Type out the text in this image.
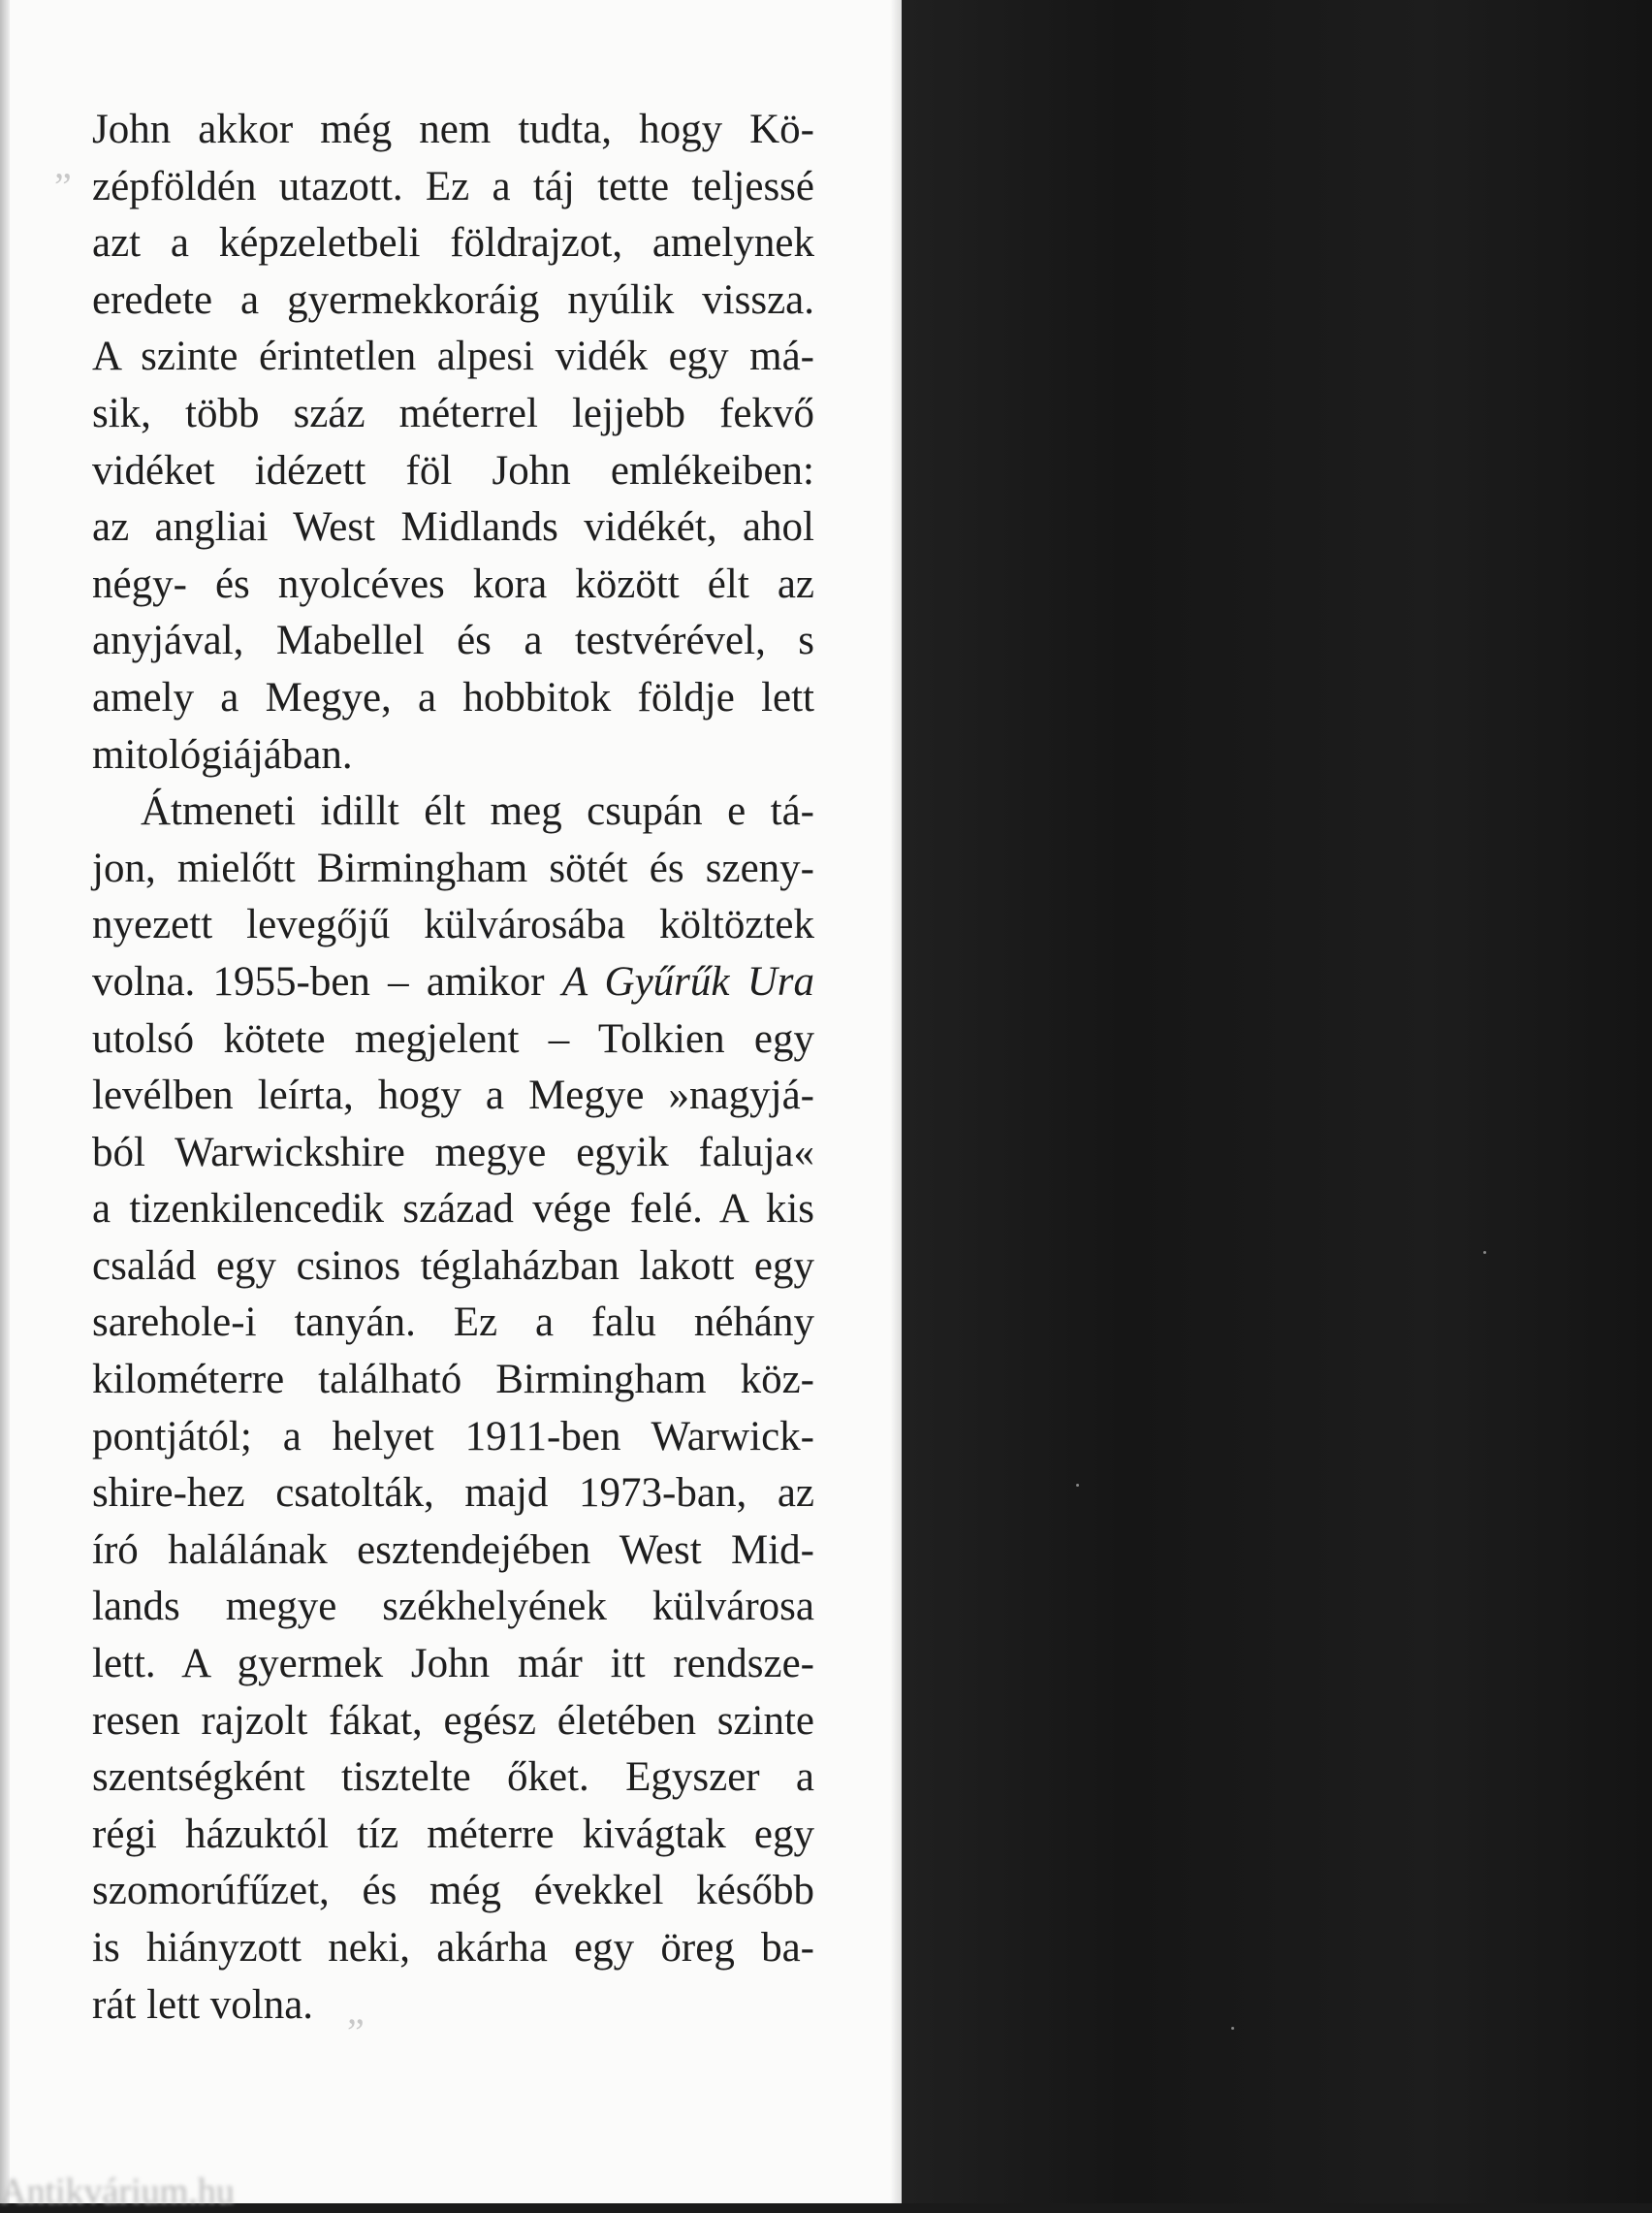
„
John akkor még nem tudta, hogy Kö-
zépföldén utazott. Ez a táj tette teljessé
azt a képzeletbeli földrajzot, amelynek
eredete a gyermekkoráig nyúlik vissza.
A szinte érintetlen alpesi vidék egy má-
sik, több száz méterrel lejjebb fekvő
vidéket idézett föl John emlékeiben:
az angliai West Midlands vidékét, ahol
négy- és nyolcéves kora között élt az
anyjával, Mabellel és a testvérével, s
amely a Megye, a hobbitok földje lett
mitológiájában.
Átmeneti idillt élt meg csupán e tá-
jon, mielőtt Birmingham sötét és szeny-
nyezett levegőjű külvárosába költöztek
volna. 1955-ben – amikor A Gyűrűk Ura
utolsó kötete megjelent – Tolkien egy
levélben leírta, hogy a Megye »nagyjá-
ból Warwickshire megye egyik faluja«
a tizenkilencedik század vége felé. A kis
család egy csinos téglaházban lakott egy
sarehole-i tanyán. Ez a falu néhány
kilométerre található Birmingham köz-
pontjától; a helyet 1911-ben Warwick-
shire-hez csatolták, majd 1973-ban, az
író halálának esztendejében West Mid-
lands megye székhelyének külvárosa
lett. A gyermek John már itt rendsze-
resen rajzolt fákat, egész életében szinte
szentségként tisztelte őket. Egyszer a
régi házuktól tíz méterre kivágtak egy
szomorúfűzet, és még évekkel később
is hiányzott neki, akárha egy öreg ba-
rát lett volna.
”
Antikvárium.hu
